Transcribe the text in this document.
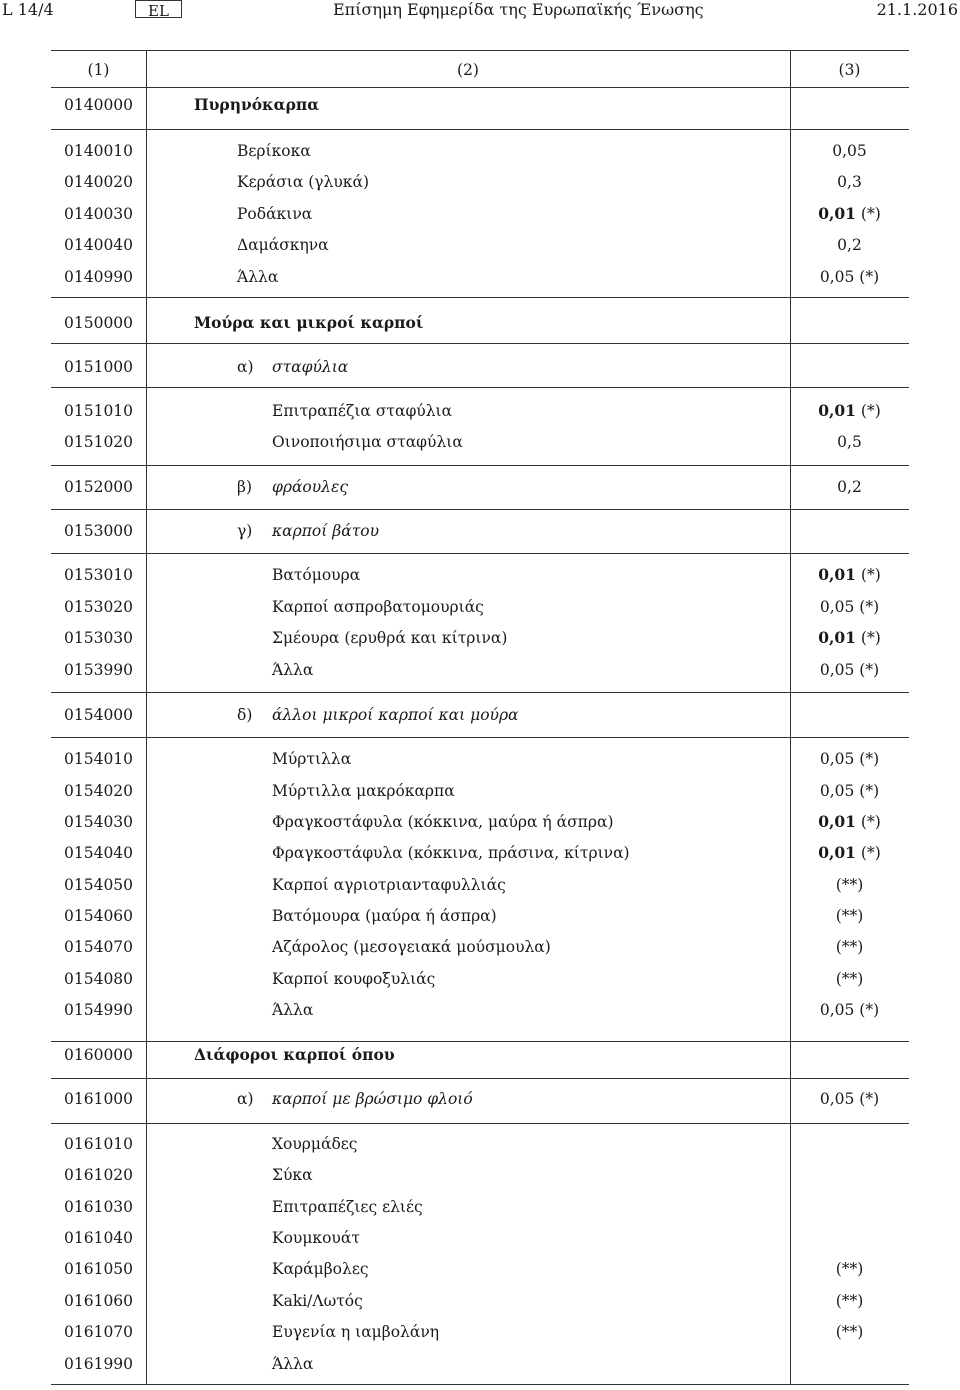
L 14/4	EL	Επίσημη Εφημερίδα της Ευρωπαϊκής Ένωσης	21.1.2016
(1)	(2)	(3)
0140000	Πυρηνόκαρπα
0140010	Βερίκοκα	0,05
0140020	Κεράσια (γλυκά)	0,3
0140030	Ροδάκινα	0,01 (*)
0140040	Δαμάσκηνα	0,2
0140990	Άλλα	0,05 (*)
0150000	Μούρα και μικροί καρποί
0151000	α) σταφύλια
0151010	Επιτραπέζια σταφύλια	0,01 (*)
0151020	Οινοποιήσιμα σταφύλια	0,5
0152000	β) φράουλες	0,2
0153000	γ) καρποί βάτου
0153010	Βατόμουρα	0,01 (*)
0153020	Καρποί ασπροβατομουριάς	0,05 (*)
0153030	Σμέουρα (ερυθρά και κίτρινα)	0,01 (*)
0153990	Άλλα	0,05 (*)
0154000	δ) άλλοι μικροί καρποί και μούρα
0154010	Μύρτιλλα	0,05 (*)
0154020	Μύρτιλλα μακρόκαρπα	0,05 (*)
0154030	Φραγκοστάφυλα (κόκκινα, μαύρα ή άσπρα)	0,01 (*)
0154040	Φραγκοστάφυλα (κόκκινα, πράσινα, κίτρινα)	0,01 (*)
0154050	Καρποί αγριοτριανταφυλλιάς	(**)
0154060	Βατόμουρα (μαύρα ή άσπρα)	(**)
0154070	Αζάρολος (μεσογειακά μούσμουλα)	(**)
0154080	Καρποί κουφοξυλιάς	(**)
0154990	Άλλα	0,05 (*)
0160000	Διάφοροι καρποί όπου
0161000	α) καρποί με βρώσιμο φλοιό	0,05 (*)
0161010	Χουρμάδες
0161020	Σύκα
0161030	Επιτραπέζιες ελιές
0161040	Κουμκουάτ
0161050	Καράμβολες	(**)
0161060	Kaki/Λωτός	(**)
0161070	Ευγενία η ιαμβολάνη	(**)
0161990	Άλλα
